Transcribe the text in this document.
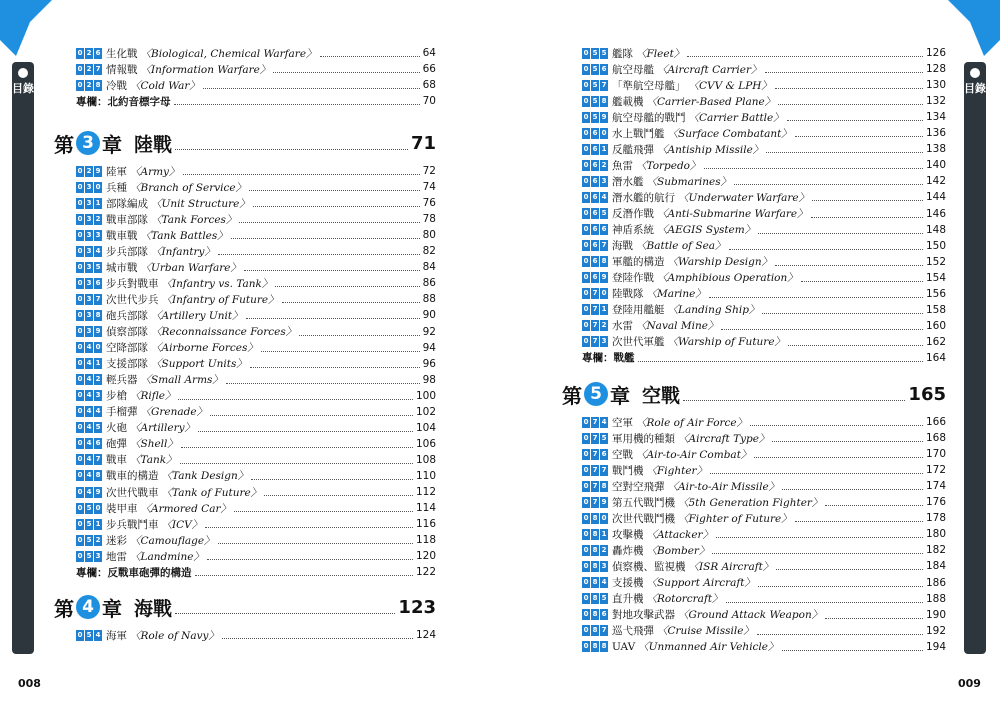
目錄	目錄
008	009
0 2 6 生化戰 〈Biological, Chemical Warfare〉	64
0 2 7 情報戰 〈Information Warfare〉	66
0 2 8 冷戰 〈Cold War〉	68
專欄：北約音標字母	70
第 3 章 陸戰	71
0 2 9 陸軍 〈Army〉	72
0 3 0 兵種 〈Branch of Service〉	74
0 3 1 部隊編成 〈Unit Structure〉	76
0 3 2 戰車部隊 〈Tank Forces〉	78
0 3 3 戰車戰 〈Tank Battles〉	80
0 3 4 步兵部隊 〈Infantry〉	82
0 3 5 城市戰 〈Urban Warfare〉	84
0 3 6 步兵對戰車 〈Infantry vs. Tank〉	86
0 3 7 次世代步兵 〈Infantry of Future〉	88
0 3 8 砲兵部隊 〈Artillery Unit〉	90
0 3 9 偵察部隊 〈Reconnaissance Forces〉	92
0 4 0 空降部隊 〈Airborne Forces〉	94
0 4 1 支援部隊 〈Support Units〉	96
0 4 2 輕兵器 〈Small Arms〉	98
0 4 3 步槍 〈Rifle〉	100
0 4 4 手榴彈 〈Grenade〉	102
0 4 5 火砲 〈Artillery〉	104
0 4 6 砲彈 〈Shell〉	106
0 4 7 戰車 〈Tank〉	108
0 4 8 戰車的構造 〈Tank Design〉	110
0 4 9 次世代戰車 〈Tank of Future〉	112
0 5 0 裝甲車 〈Armored Car〉	114
0 5 1 步兵戰鬥車 〈ICV〉	116
0 5 2 迷彩 〈Camouflage〉	118
0 5 3 地雷 〈Landmine〉	120
專欄：反戰車砲彈的構造	122
第 4 章 海戰	123
0 5 4 海軍 〈Role of Navy〉	124
0 5 5 艦隊 〈Fleet〉	126
0 5 6 航空母艦 〈Aircraft Carrier〉	128
0 5 7 「準航空母艦」 〈CVV & LPH〉	130
0 5 8 艦載機 〈Carrier-Based Plane〉	132
0 5 9 航空母艦的戰鬥 〈Carrier Battle〉	134
0 6 0 水上戰鬥艦 〈Surface Combatant〉	136
0 6 1 反艦飛彈 〈Antiship Missile〉	138
0 6 2 魚雷 〈Torpedo〉	140
0 6 3 潛水艦 〈Submarines〉	142
0 6 4 潛水艦的航行 〈Underwater Warfare〉	144
0 6 5 反潛作戰 〈Anti-Submarine Warfare〉	146
0 6 6 神盾系統 〈AEGIS System〉	148
0 6 7 海戰 〈Battle of Sea〉	150
0 6 8 軍艦的構造 〈Warship Design〉	152
0 6 9 登陸作戰 〈Amphibious Operation〉	154
0 7 0 陸戰隊 〈Marine〉	156
0 7 1 登陸用艦艇 〈Landing Ship〉	158
0 7 2 水雷 〈Naval Mine〉	160
0 7 3 次世代軍艦 〈Warship of Future〉	162
專欄：戰艦	164
第 5 章 空戰	165
0 7 4 空軍 〈Role of Air Force〉	166
0 7 5 軍用機的種類 〈Aircraft Type〉	168
0 7 6 空戰 〈Air-to-Air Combat〉	170
0 7 7 戰鬥機 〈Fighter〉	172
0 7 8 空對空飛彈 〈Air-to-Air Missile〉	174
0 7 9 第五代戰鬥機 〈5th Generation Fighter〉	176
0 8 0 次世代戰鬥機 〈Fighter of Future〉	178
0 8 1 攻擊機 〈Attacker〉	180
0 8 2 轟炸機 〈Bomber〉	182
0 8 3 偵察機、監視機 〈ISR Aircraft〉	184
0 8 4 支援機 〈Support Aircraft〉	186
0 8 5 直升機 〈Rotorcraft〉	188
0 8 6 對地攻擊武器 〈Ground Attack Weapon〉	190
0 8 7 巡弋飛彈 〈Cruise Missile〉	192
0 8 8 UAV 〈Unmanned Air Vehicle〉	194
